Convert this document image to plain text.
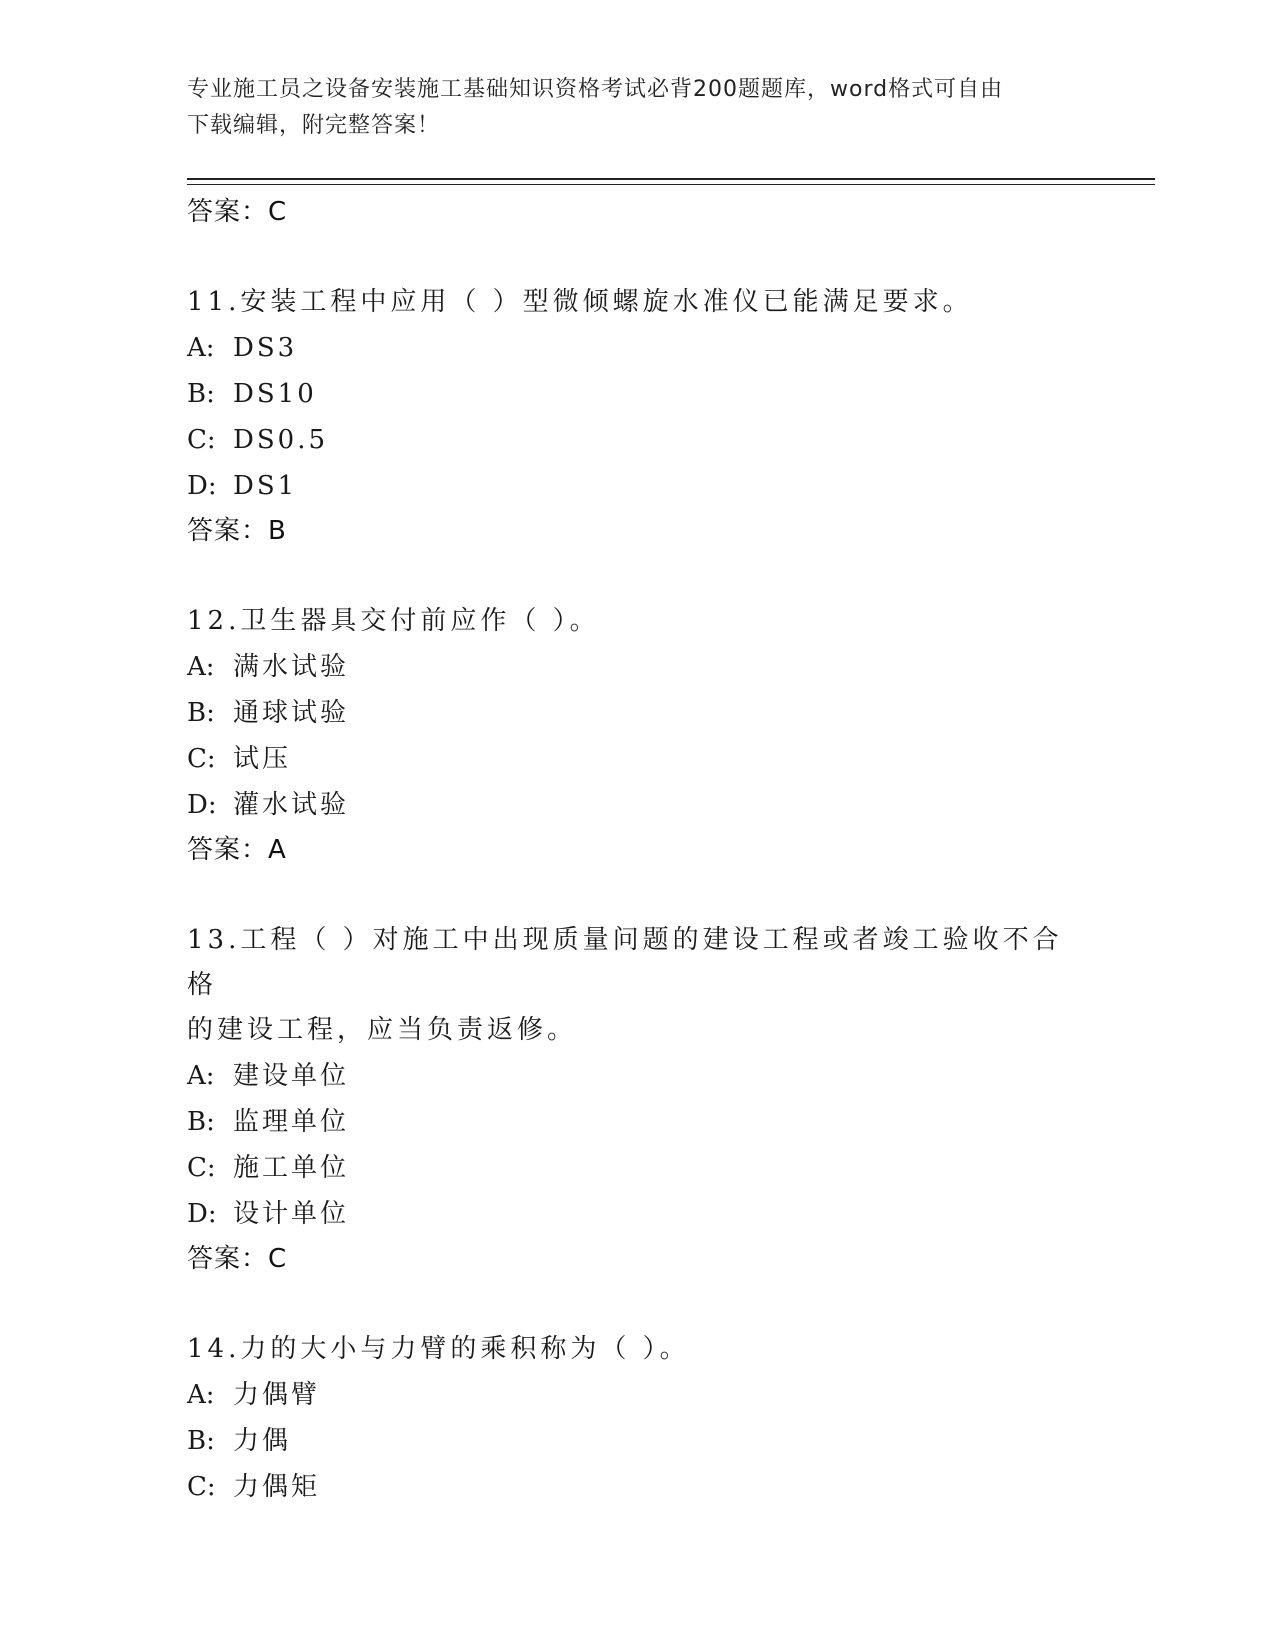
专业施工员之设备安装施工基础知识资格考试必背200题题库，word格式可自由
下载编辑，附完整答案！
答案：C
11.安装工程中应用（ ）型微倾螺旋水准仪已能满足要求。
A: DS3
B: DS10
C: DS0.5
D: DS1
答案：B
12.卫生器具交付前应作（ ）。
A: 满水试验
B: 通球试验
C: 试压
D: 灌水试验
答案：A
13.工程（ ）对施工中出现质量问题的建设工程或者竣工验收不合格
的建设工程，应当负责返修。
A: 建设单位
B: 监理单位
C: 施工单位
D: 设计单位
答案：C
14.力的大小与力臂的乘积称为（ ）。
A: 力偶臂
B: 力偶
C: 力偶矩
